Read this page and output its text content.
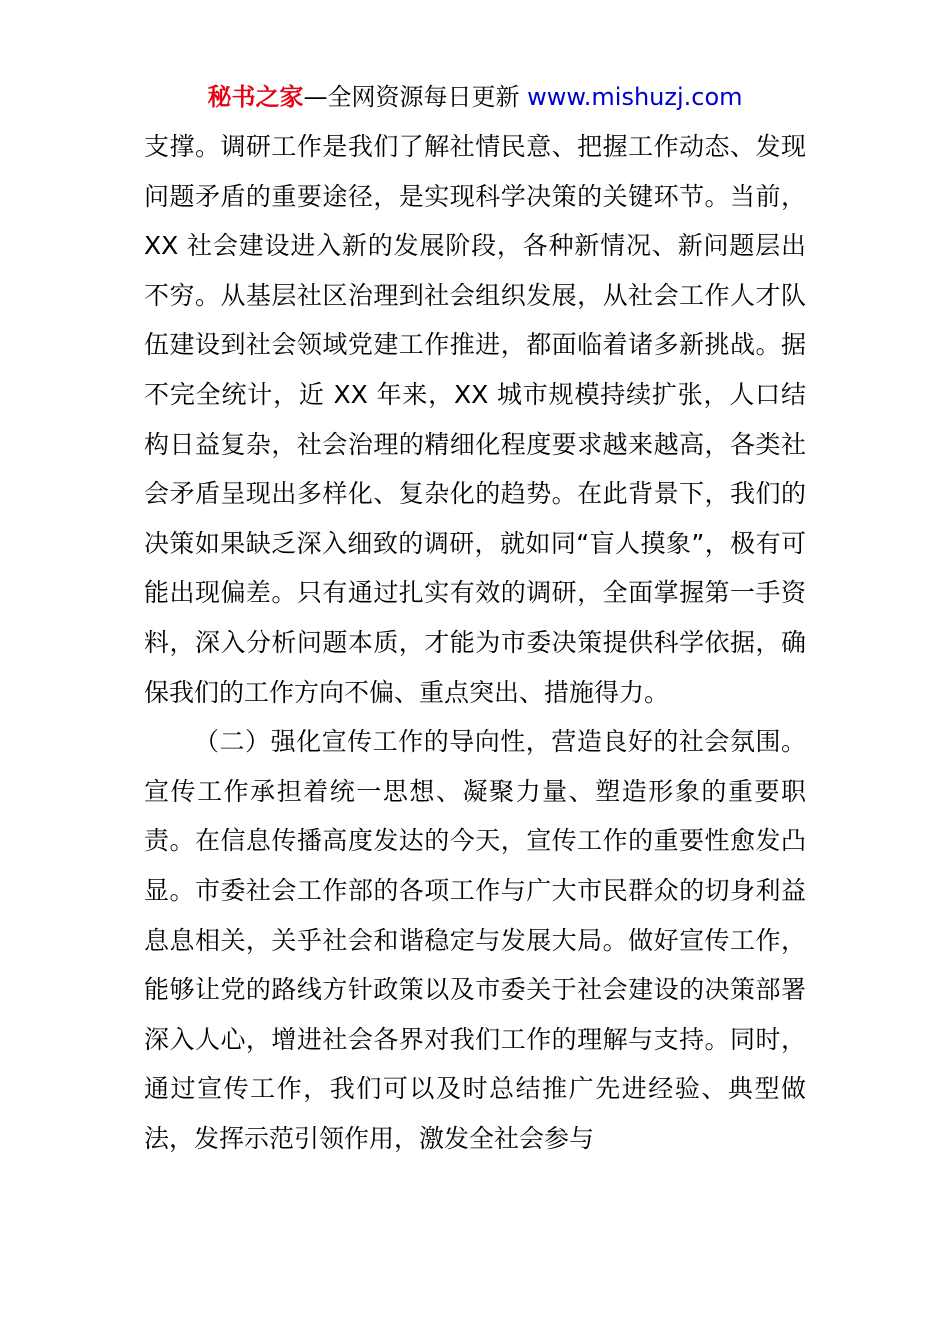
秘书之家—全网资源每日更新 www.mishuzj.com

支撑。调研工作是我们了解社情民意、把握工作动态、发现问题矛盾的重要途径，是实现科学决策的关键环节。当前，XX 社会建设进入新的发展阶段，各种新情况、新问题层出不穷。从基层社区治理到社会组织发展，从社会工作人才队伍建设到社会领域党建工作推进，都面临着诸多新挑战。据不完全统计，近 XX 年来，XX 城市规模持续扩张，人口结构日益复杂，社会治理的精细化程度要求越来越高，各类社会矛盾呈现出多样化、复杂化的趋势。在此背景下，我们的决策如果缺乏深入细致的调研，就如同“盲人摸象”，极有可能出现偏差。只有通过扎实有效的调研，全面掌握第一手资料，深入分析问题本质，才能为市委决策提供科学依据，确保我们的工作方向不偏、重点突出、措施得力。

（二）强化宣传工作的导向性，营造良好的社会氛围。宣传工作承担着统一思想、凝聚力量、塑造形象的重要职责。在信息传播高度发达的今天，宣传工作的重要性愈发凸显。市委社会工作部的各项工作与广大市民群众的切身利益息息相关，关乎社会和谐稳定与发展大局。做好宣传工作，能够让党的路线方针政策以及市委关于社会建设的决策部署深入人心，增进社会各界对我们工作的理解与支持。同时，通过宣传工作，我们可以及时总结推广先进经验、典型做法，发挥示范引领作用，激发全社会参与
